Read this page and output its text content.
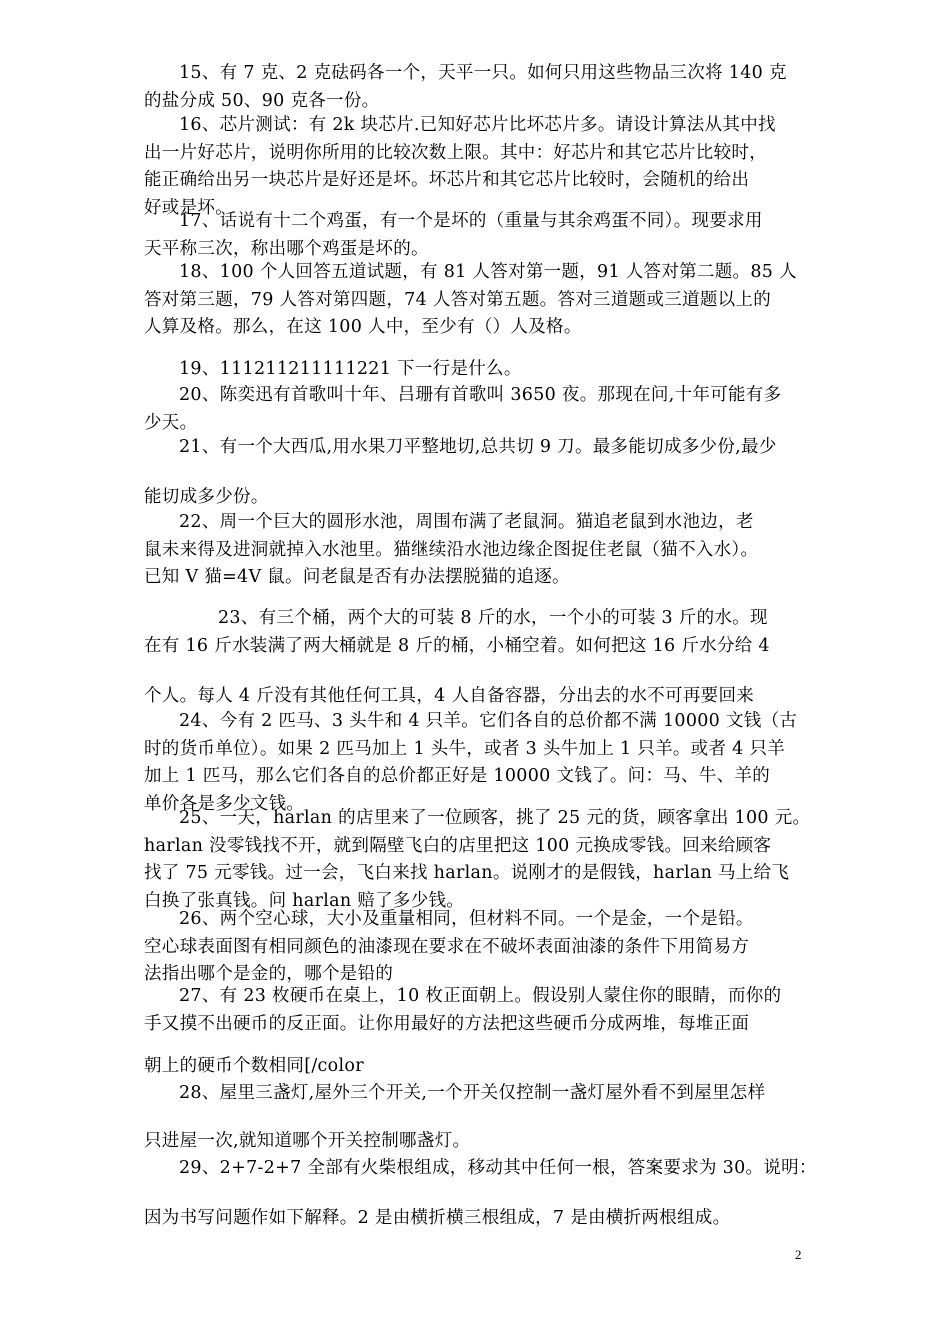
15、有 7 克、2 克砝码各一个，天平一只。如何只用这些物品三次将 140 克
的盐分成 50、90 克各一份。

16、芯片测试：有 2k 块芯片.已知好芯片比坏芯片多。请设计算法从其中找
出一片好芯片，说明你所用的比较次数上限。其中：好芯片和其它芯片比较时，
能正确给出另一块芯片是好还是坏。坏芯片和其它芯片比较时，会随机的给出
好或是坏。

17、话说有十二个鸡蛋，有一个是坏的（重量与其余鸡蛋不同）。现要求用
天平称三次，称出哪个鸡蛋是坏的。

18、100 个人回答五道试题，有 81 人答对第一题，91 人答对第二题。85 人
答对第三题，79 人答对第四题，74 人答对第五题。答对三道题或三道题以上的
人算及格。那么，在这 100 人中，至少有（）人及格。

19、111211211111221 下一行是什么。

20、陈奕迅有首歌叫十年、吕珊有首歌叫 3650 夜。那现在问,十年可能有多
少天。

21、有一个大西瓜,用水果刀平整地切,总共切 9 刀。最多能切成多少份,最少

能切成多少份。

22、周一个巨大的圆形水池，周围布满了老鼠洞。猫追老鼠到水池边，老
鼠未来得及进洞就掉入水池里。猫继续沿水池边缘企图捉住老鼠（猫不入水）。
已知 V 猫=4V 鼠。问老鼠是否有办法摆脱猫的追逐。

23、有三个桶，两个大的可装 8 斤的水，一个小的可装 3 斤的水。现
在有 16 斤水装满了两大桶就是 8 斤的桶，小桶空着。如何把这 16 斤水分给 4

个人。每人 4 斤没有其他任何工具，4 人自备容器，分出去的水不可再要回来

24、今有 2 匹马、3 头牛和 4 只羊。它们各自的总价都不满 10000 文钱（古
时的货币单位）。如果 2 匹马加上 1 头牛，或者 3 头牛加上 1 只羊。或者 4 只羊
加上 1 匹马，那么它们各自的总价都正好是 10000 文钱了。问：马、牛、羊的
单价各是多少文钱。

25、一天，harlan 的店里来了一位顾客，挑了 25 元的货，顾客拿出 100 元。
harlan 没零钱找不开，就到隔壁飞白的店里把这 100 元换成零钱。回来给顾客
找了 75 元零钱。过一会，飞白来找 harlan。说刚才的是假钱，harlan 马上给飞
白换了张真钱。问 harlan 赔了多少钱。

26、两个空心球，大小及重量相同，但材料不同。一个是金，一个是铅。
空心球表面图有相同颜色的油漆现在要求在不破坏表面油漆的条件下用简易方
法指出哪个是金的，哪个是铅的

27、有 23 枚硬币在桌上，10 枚正面朝上。假设别人蒙住你的眼睛，而你的
手又摸不出硬币的反正面。让你用最好的方法把这些硬币分成两堆，每堆正面

朝上的硬币个数相同[/color

28、屋里三盏灯,屋外三个开关,一个开关仅控制一盏灯屋外看不到屋里怎样

只进屋一次,就知道哪个开关控制哪盏灯。

29、2+7-2+7 全部有火柴根组成，移动其中任何一根，答案要求为 30。说明：

因为书写问题作如下解释。2 是由横折横三根组成，7 是由横折两根组成。

2
